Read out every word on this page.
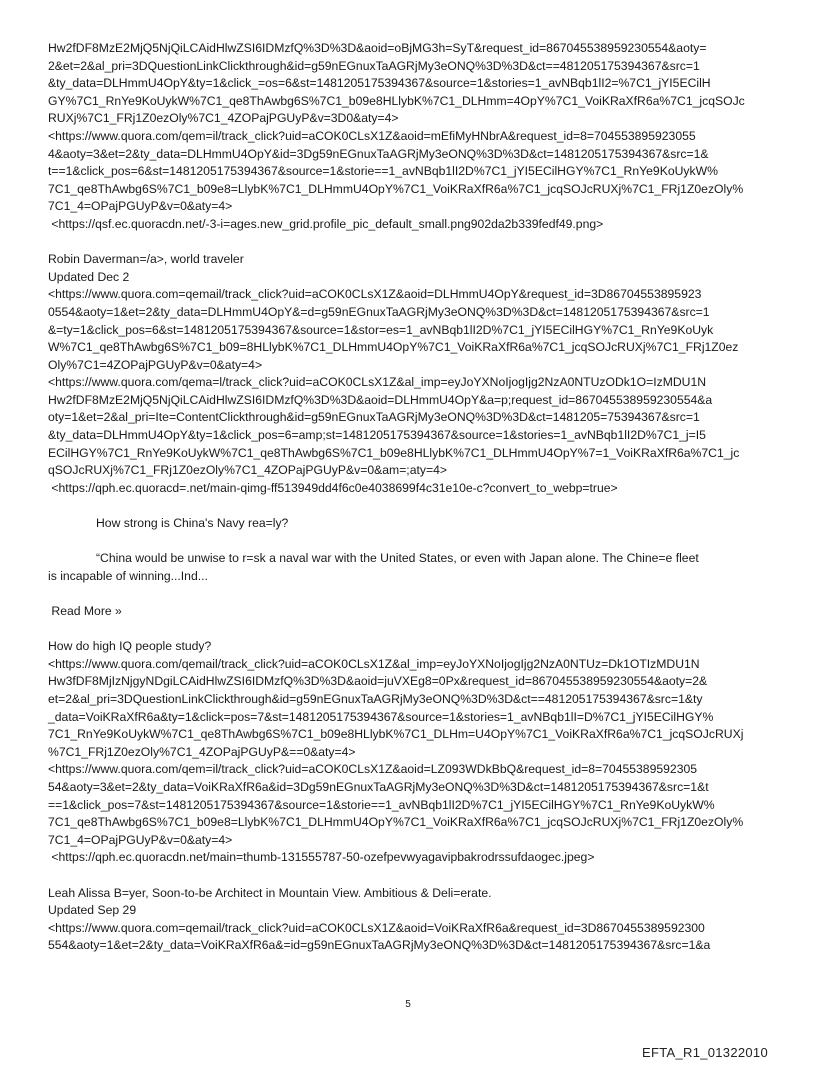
Hw2fDF8MzE2MjQ5NjQiLCAidHlwZSI6IDMzfQ%3D%3D&aoid=oBjMG3h=SyT&request_id=867045538959230554&aoty=
2&et=2&al_pri=3DQuestionLinkClickthrough&id=g59nEGnuxTaAGRjMy3eONQ%3D%3D&ct==481205175394367&src=1
&ty_data=DLHmmU4OpY&ty=1&click_=os=6&st=1481205175394367&source=1&stories=1_avNBqb1lI2=%7C1_jYI5ECilH
GY%7C1_RnYe9KoUykW%7C1_qe8ThAwbg6S%7C1_b09e8HLlybK%7C1_DLHmm=4OpY%7C1_VoiKRaXfR6a%7C1_jcqSOJc
RUXj%7C1_FRj1Z0ezOly%7C1_4ZOPajPGUyP&v=3D0&aty=4>
<https://www.quora.com/qem=il/track_click?uid=aCOK0CLsX1Z&aoid=mEfiMyHNbrA&request_id=8=704553895923055
4&aoty=3&et=2&ty_data=DLHmmU4OpY&id=3Dg59nEGnuxTaAGRjMy3eONQ%3D%3D&ct=1481205175394367&src=1&
t==1&click_pos=6&st=1481205175394367&source=1&storie==1_avNBqb1lI2D%7C1_jYI5ECilHGY%7C1_RnYe9KoUykW%
7C1_qe8ThAwbg6S%7C1_b09e8=LlybK%7C1_DLHmmU4OpY%7C1_VoiKRaXfR6a%7C1_jcqSOJcRUXj%7C1_FRj1Z0ezOly%
7C1_4=OPajPGUyP&v=0&aty=4>
<https://qsf.ec.quoracdn.net/-3-i=ages.new_grid.profile_pic_default_small.png902da2b339fedf49.png>
Robin Daverman=/a>, world traveler
Updated Dec 2
<https://www.quora.com=qemail/track_click?uid=aCOK0CLsX1Z&aoid=DLHmmU4OpY&request_id=3D86704553895923
0554&aoty=1&et=2&ty_data=DLHmmU4OpY&=d=g59nEGnuxTaAGRjMy3eONQ%3D%3D&ct=1481205175394367&src=1
&=ty=1&click_pos=6&st=1481205175394367&source=1&stor=es=1_avNBqb1lI2D%7C1_jYI5ECilHGY%7C1_RnYe9KoUyk
W%7C1_qe8ThAwbg6S%7C1_b09=8HLlybK%7C1_DLHmmU4OpY%7C1_VoiKRaXfR6a%7C1_jcqSOJcRUXj%7C1_FRj1Z0ez
Oly%7C1=4ZOPajPGUyP&v=0&aty=4>
<https://www.quora.com/qema=l/track_click?uid=aCOK0CLsX1Z&al_imp=eyJoYXNoIjogIjg2NzA0NTUzODk1O=IzMDU1N
Hw2fDF8MzE2MjQ5NjQiLCAidHlwZSI6IDMzfQ%3D%3D&aoid=DLHmmU4OpY&a=p;request_id=867045538959230554&a
oty=1&et=2&al_pri=Ite=ContentClickthrough&id=g59nEGnuxTaAGRjMy3eONQ%3D%3D&ct=1481205=75394367&src=1
&ty_data=DLHmmU4OpY&ty=1&click_pos=6=amp;st=1481205175394367&source=1&stories=1_avNBqb1lI2D%7C1_j=I5
ECilHGY%7C1_RnYe9KoUykW%7C1_qe8ThAwbg6S%7C1_b09e8HLlybK%7C1_DLHmmU4OpY%7=1_VoiKRaXfR6a%7C1_jc
qSOJcRUXj%7C1_FRj1Z0ezOly%7C1_4ZOPajPGUyP&v=0&am=;aty=4>
<https://qph.ec.quoracd=.net/main-qimg-ff513949dd4f6c0e4038699f4c31e10e-c?convert_to_webp=true>
How strong is China's Navy rea=ly?
“China would be unwise to r=sk a naval war with the United States, or even with Japan alone. The Chine=e fleet
is incapable of winning...Ind...
Read More »
How do high IQ people study?
<https://www.quora.com/qemail/track_click?uid=aCOK0CLsX1Z&al_imp=eyJoYXNoIjogIjg2NzA0NTUz=Dk1OTIzMDU1N
Hw3fDF8MjIzNjgyNDgiLCAidHlwZSI6IDMzfQ%3D%3D&aoid=juVXEg8=0Px&request_id=867045538959230554&aoty=2&
et=2&al_pri=3DQuestionLinkClickthrough&id=g59nEGnuxTaAGRjMy3eONQ%3D%3D&ct==481205175394367&src=1&ty
_data=VoiKRaXfR6a&ty=1&click=pos=7&st=1481205175394367&source=1&stories=1_avNBqb1lI=D%7C1_jYI5ECilHGY%
7C1_RnYe9KoUykW%7C1_qe8ThAwbg6S%7C1_b09e8HLlybK%7C1_DLHm=U4OpY%7C1_VoiKRaXfR6a%7C1_jcqSOJcRUXj
%7C1_FRj1Z0ezOly%7C1_4ZOPajPGUyP&==0&aty=4>
<https://www.quora.com/qem=il/track_click?uid=aCOK0CLsX1Z&aoid=LZ093WDkBbQ&request_id=8=70455389592305
54&aoty=3&et=2&ty_data=VoiKRaXfR6a&id=3Dg59nEGnuxTaAGRjMy3eONQ%3D%3D&ct=1481205175394367&src=1&t
==1&click_pos=7&st=1481205175394367&source=1&storie==1_avNBqb1lI2D%7C1_jYI5ECilHGY%7C1_RnYe9KoUykW%
7C1_qe8ThAwbg6S%7C1_b09e8=LlybK%7C1_DLHmmU4OpY%7C1_VoiKRaXfR6a%7C1_jcqSOJcRUXj%7C1_FRj1Z0ezOly%
7C1_4=OPajPGUyP&v=0&aty=4>
<https://qph.ec.quoracdn.net/main=thumb-131555787-50-ozefpevwyagavipbakrodrssufdaogec.jpeg>
Leah Alissa B=yer, Soon-to-be Architect in Mountain View. Ambitious & Deli=erate.
Updated Sep 29
<https://www.quora.com=qemail/track_click?uid=aCOK0CLsX1Z&aoid=VoiKRaXfR6a&request_id=3D8670455389592300
554&aoty=1&et=2&ty_data=VoiKRaXfR6a&=id=g59nEGnuxTaAGRjMy3eONQ%3D%3D&ct=1481205175394367&src=1&a
5
EFTA_R1_01322010
